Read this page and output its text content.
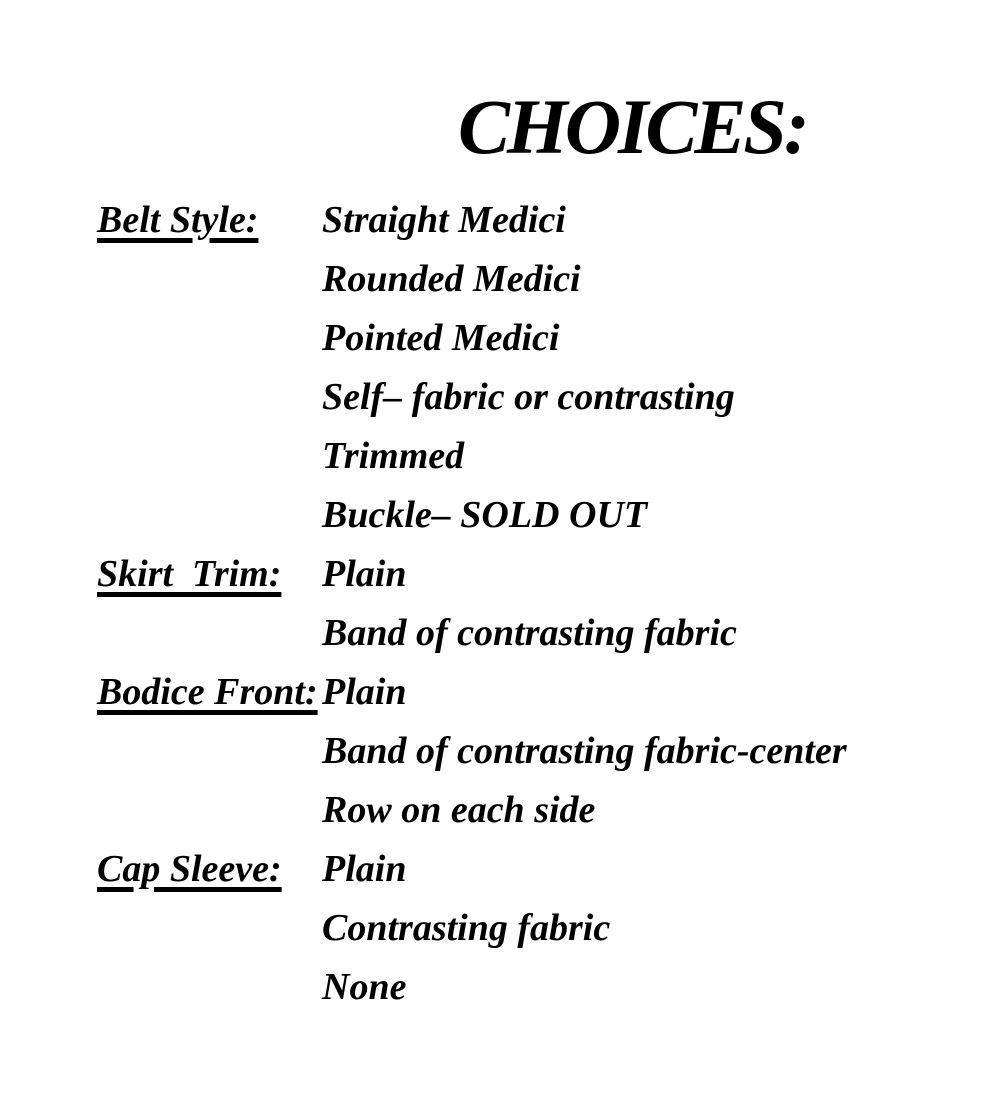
CHOICES:
Belt Style:	Straight Medici
Rounded Medici
Pointed Medici
Self– fabric or contrasting
Trimmed
Buckle– SOLD OUT
Skirt  Trim:	Plain
Band of contrasting fabric
Bodice Front: Plain
Band of contrasting fabric-center
Row on each side
Cap Sleeve:	Plain
Contrasting fabric
None
